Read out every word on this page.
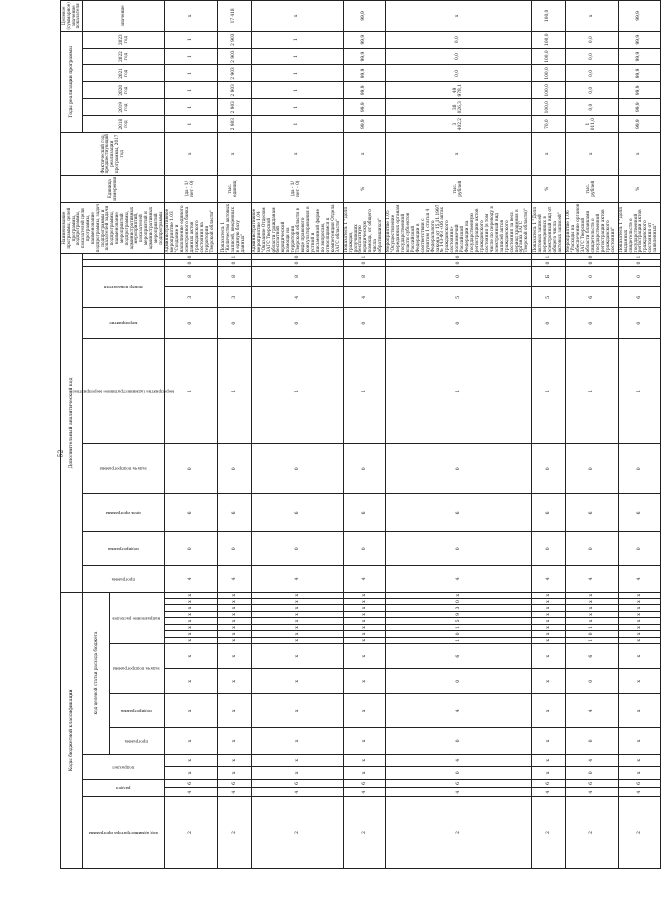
52
Коды бюджетной классификации																	Дополнительный аналитический код										Наименование программы, целей программы, подпрограммы, показателей цели программы, наименование подпрограммы, задач подпрограммы и показателей задачи подпрограммы, наименование мероприятий подпрограммы, административных мероприятий, показателей мероприятий и административных мероприятий подпрограммы	Единица измерения	Фактический год, предшествующий реализации программы, 2017 год	Годы реализации программы						Целевое (суммарное) значение показателя
код администратора программы	раздел		подраздел		код целевой статьи расхода бюджета												программа	подпрограмма	цель программы	задача подпрограммы	мероприятие (административное мероприятие)	мероприятие	номер показателя							2018 год	2019 год	2020 год	2021 год	2022 год	2023 год	значение
					программа	подпрограмма	задача подпрограммы		направление расходов																											
2	4	6	x	x	x	x	x	x	x	x	x	x	x	x	x	x	4	0	6	0	1	0	3	8	0	0	Административное мероприятие 1.03 "Создание и наполнение единого электронного банка данных актов гражданского состояния на территории Тверской области"	(да - 1/ нет - 0)	x	1	1	1	1	1	1	x
2	4	6	x	x	x	x	x	x	x	x	x	x	x	x	x	x	4	0	6	0	1	0	3	8	0	1	Показатель 1 "Количество актовых записей, введенных в единую базу данных"	тыс. единиц	x	2 903	2 903	2 903	2 903	2 903	2 903	17 418
2	4	6	x	x	x	x	x	x	x	x	x	x	x	x	x	x	4	0	6	0	1	0	4	8	0	0	Административное мероприятие 1.04 "Оказание Отделом ЗАГС Тверской области гражданам бесплатной юридической помощи на территории Тверской области в виде правового консультирования в устной и письменной форме по вопросам, относящимся к компетенции Отдела ЗАГС области"	(да - 1/ нет - 0)	x	1	1	1	1	1	1	x
2	4	6	x	x	x	x	x	x	x	x	x	x	x	x	x	x	4	0	6	0	1	0	4	8	0	1	Показатель 1 "Доля граждан, получивших бесплатную юридическую помощь, от общего числа обратившихся"	%	x	99,9	99,9	99,9	99,9	99,9	99,9	99,9
2	4	6	0	4	0	4	0	6	1	0	1	5	9	3	0	x	4	0	6	0	1	0	5	0	0	0	Мероприятие 1.05 "Осуществление переданных органам государственной власти субъектов Российской Федерации в соответствии с пунктом 1 статьи 4 Федерального закона от 15.11.1997 № 143-ФЗ «Об актах гражданского состояния» полномочий Российской Федерации на государственную регистрацию актов гражданского состояния (в том числе по переводу в электронный вид записей актов гражданского состояния за весь период хранения в органах ЗАГС Тверской области)"	тыс. рублей	x	3 402,2	38 026,3	49 978,1	0,0	0,0	0,0	x
2	4	6	x	x	x	x	x	x	x	x	x	x	x	x	x	x	4	0	6	0	1	0	5	Б	0	1	Показатель 1 "Доля актовых записей переведенных в электронный вид от общего числа актовых записей"	%	x	70,0	100,0	100,0	100,0	100,0	100,0	100,0
2	4	6	0	4	0	4	0	6	1	0	1	x	x	x	x	x	4	0	6	0	1	0	6	0	0	0	Мероприятие 1.06 "Расходы на обеспечение органов ЗАГС Тверской области бланками свидетельств о государственной регистрации актов гражданского состояния"	тыс. рублей	x	1 011,0	0,0	0,0	0,0	0,0	0,0	x
2	4	6	x	x	x	x	x	x	x	x	x	x	x	x	x	x	4	0	6	0	1	0	6	0	0	1	Показатель 1 "Доля выданных свидетельств о государственной регистрации актов гражданского состояния от заявленных"	%	x	99,9	99,9	99,9	99,9	99,9	99,9	99,9
